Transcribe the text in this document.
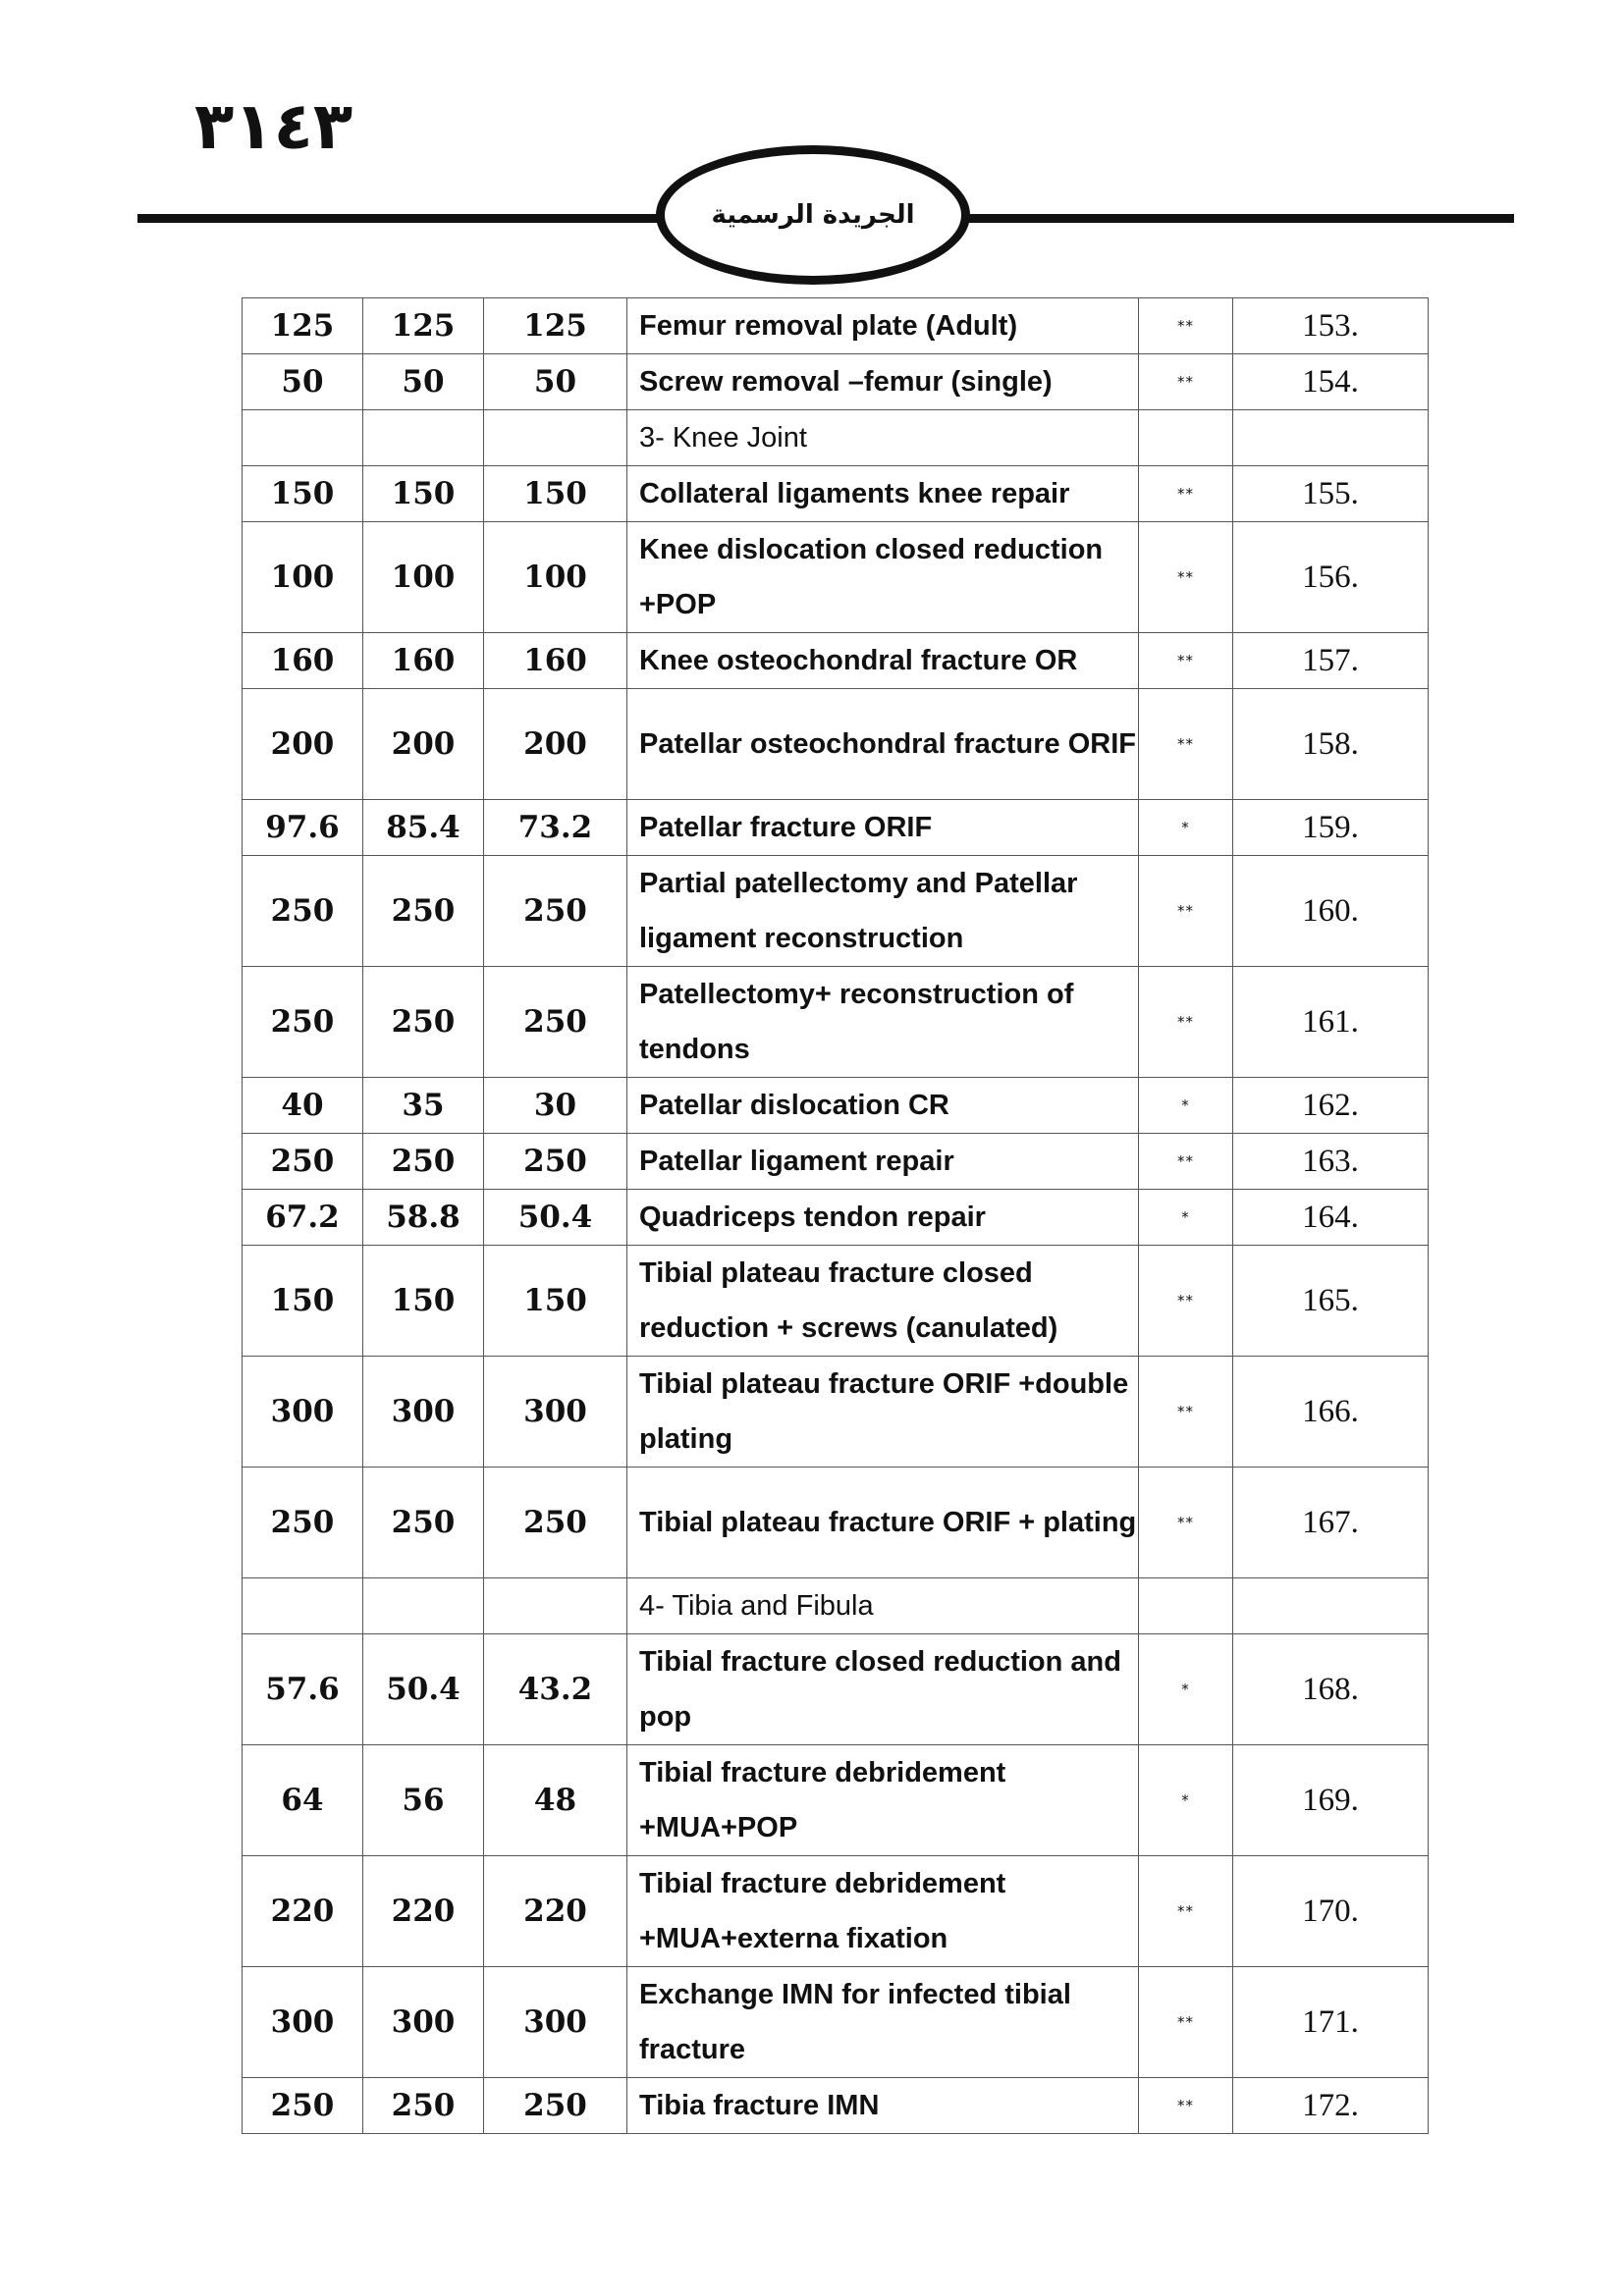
٣١٤٣
الجريدة الرسمية
125	125	125	Femur removal plate (Adult)	**	153.
50	50	50	Screw removal –femur (single)	**	154.

			3- Knee Joint		

150	150	150	Collateral ligaments knee repair	**	155.
100	100	100	Knee dislocation closed reduction +POP	**	156.
160	160	160	Knee osteochondral fracture OR	**	157.
200	200	200	Patellar osteochondral fracture ORIF	**	158.
97.6	85.4	73.2	Patellar fracture ORIF	*	159.
250	250	250	Partial patellectomy and Patellar ligament reconstruction	**	160.
250	250	250	Patellectomy+ reconstruction of tendons	**	161.
40	35	30	Patellar dislocation CR	*	162.
250	250	250	Patellar ligament repair	**	163.
67.2	58.8	50.4	Quadriceps tendon repair	*	164.
150	150	150	Tibial plateau fracture closed reduction + screws (canulated)	**	165.
300	300	300	Tibial plateau fracture ORIF +double plating	**	166.
250	250	250	Tibial plateau fracture ORIF + plating	**	167.

			4- Tibia and Fibula		

57.6	50.4	43.2	Tibial fracture closed reduction and pop	*	168.
64	56	48	Tibial fracture debridement +MUA+POP	*	169.
220	220	220	Tibial fracture debridement +MUA+externa fixation	**	170.
300	300	300	Exchange IMN for infected tibial fracture	**	171.
250	250	250	Tibia fracture IMN	**	172.
